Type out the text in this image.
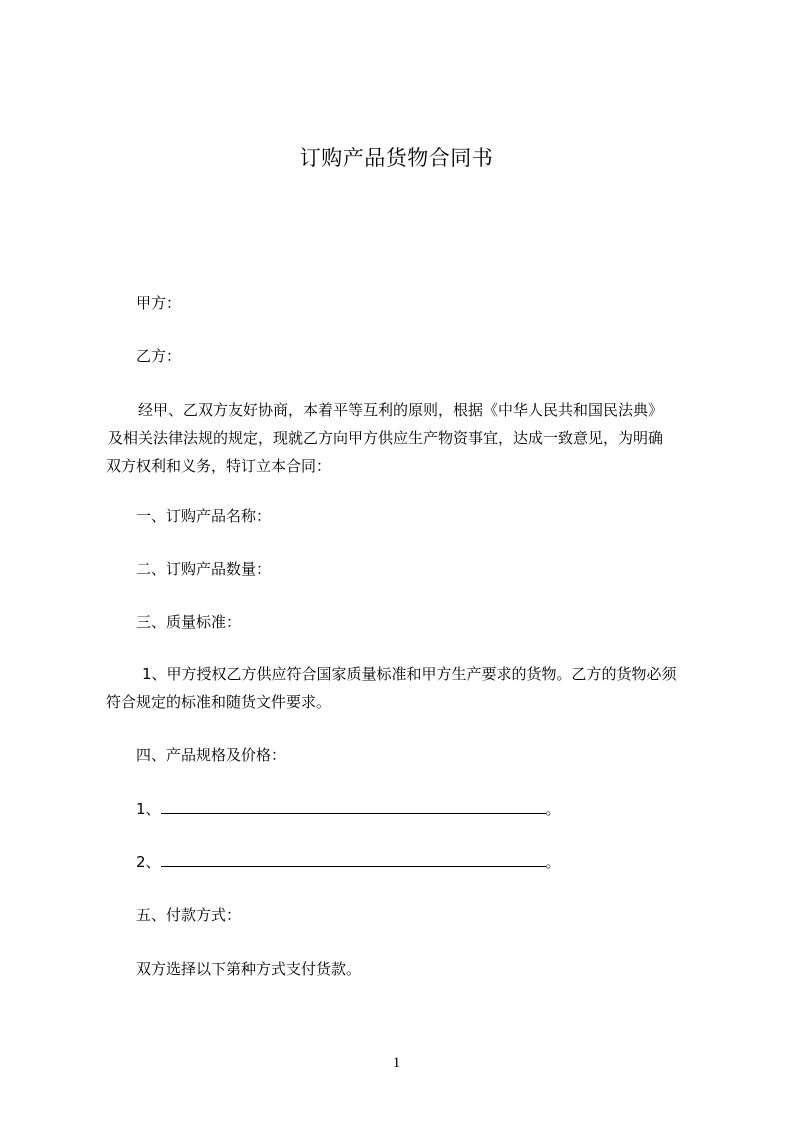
订购产品货物合同书
甲方：
乙方：
经甲、乙双方友好协商，本着平等互利的原则，根据《中华人民共和国民法典》
及相关法律法规的规定，现就乙方向甲方供应生产物资事宜，达成一致意见，为明确
双方权利和义务，特订立本合同：
一、订购产品名称：
二、订购产品数量：
三、质量标准：
1、甲方授权乙方供应符合国家质量标准和甲方生产要求的货物。乙方的货物必须
符合规定的标准和随货文件要求。
四、产品规格及价格：
1、	。
2、	。
五、付款方式：
双方选择以下第种方式支付货款。
1
